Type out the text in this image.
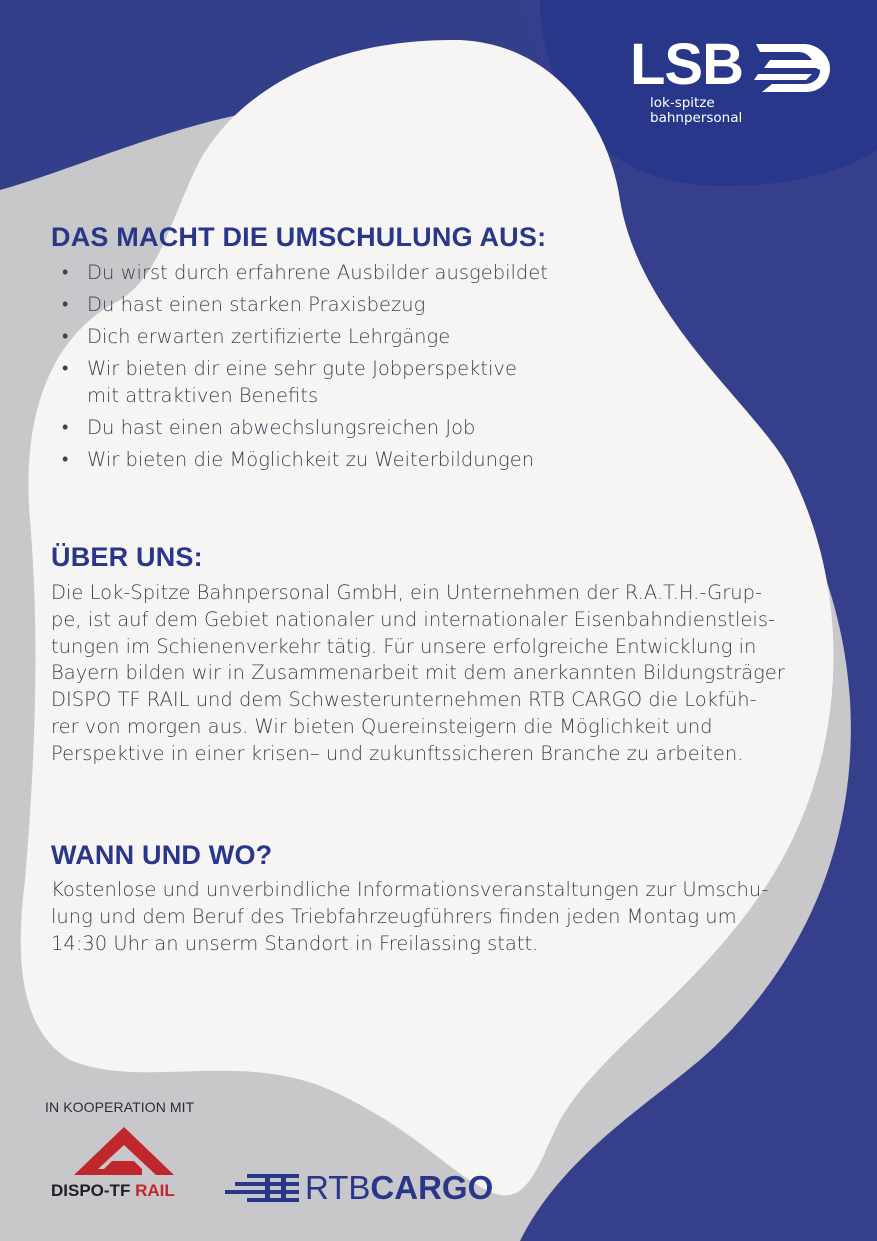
LSB
lok-spitze
bahnpersonal
DAS MACHT DIE UMSCHULUNG AUS:
• Du wirst durch erfahrene Ausbilder ausgebildet
• Du hast einen starken Praxisbezug
• Dich erwarten zertifizierte Lehrgänge
• Wir bieten dir eine sehr gute Jobperspektive
mit attraktiven Benefits
• Du hast einen abwechslungsreichen Job
• Wir bieten die Möglichkeit zu Weiterbildungen
ÜBER UNS:
Die Lok-Spitze Bahnpersonal GmbH, ein Unternehmen der R.A.T.H.-Grup-
pe, ist auf dem Gebiet nationaler und internationaler Eisenbahndienstleis-
tungen im Schienenverkehr tätig. Für unsere erfolgreiche Entwicklung in
Bayern bilden wir in Zusammenarbeit mit dem anerkannten Bildungsträger
DISPO TF RAIL und dem Schwesterunternehmen RTB CARGO die Lokfüh-
rer von morgen aus. Wir bieten Quereinsteigern die Möglichkeit und
Perspektive in einer krisen– und zukunftssicheren Branche zu arbeiten.
WANN UND WO?
Kostenlose und unverbindliche Informationsveranstaltungen zur Umschu-
lung und dem Beruf des Triebfahrzeugführers finden jeden Montag um
14:30 Uhr an unserm Standort in Freilassing statt.
IN KOOPERATION MIT
DISPO-TF RAIL	RTBCARGO
